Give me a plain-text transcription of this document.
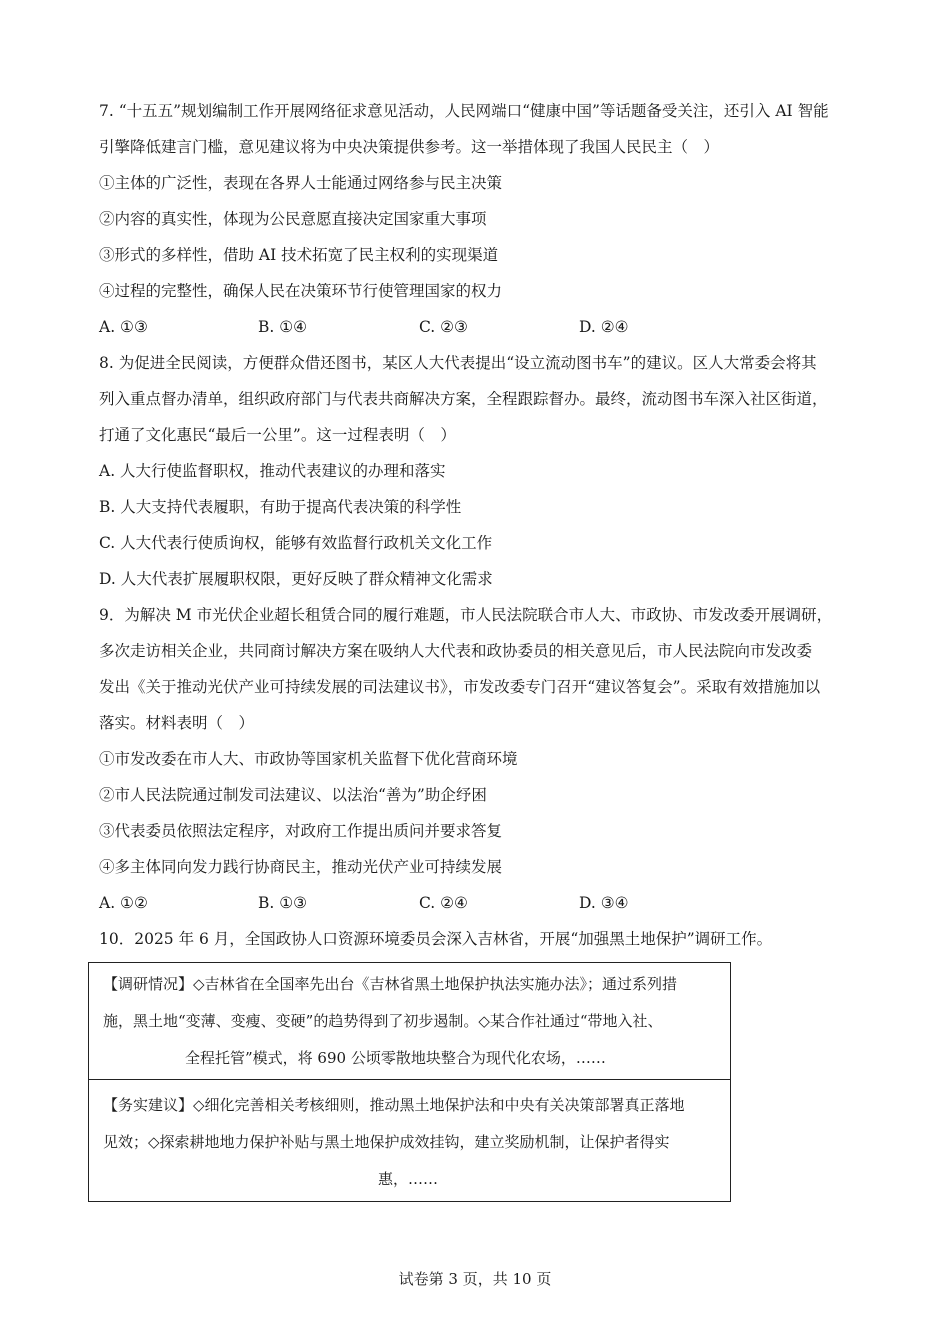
7. “十五五”规划编制工作开展网络征求意见活动，人民网端口“健康中国”等话题备受关注，还引入 AI 智能
引擎降低建言门槛，意见建议将为中央决策提供参考。这一举措体现了我国人民民主（　）
①主体的广泛性，表现在各界人士能通过网络参与民主决策
②内容的真实性，体现为公民意愿直接决定国家重大事项
③形式的多样性，借助 AI 技术拓宽了民主权利的实现渠道
④过程的完整性，确保人民在决策环节行使管理国家的权力
A. ①③	B. ①④	C. ②③	D. ②④
8. 为促进全民阅读，方便群众借还图书，某区人大代表提出“设立流动图书车”的建议。区人大常委会将其
列入重点督办清单，组织政府部门与代表共商解决方案，全程跟踪督办。最终，流动图书车深入社区街道，
打通了文化惠民“最后一公里”。这一过程表明（　）
A. 人大行使监督职权，推动代表建议的办理和落实
B. 人大支持代表履职，有助于提高代表决策的科学性
C. 人大代表行使质询权，能够有效监督行政机关文化工作
D. 人大代表扩展履职权限，更好反映了群众精神文化需求
9．为解决 M 市光伏企业超长租赁合同的履行难题，市人民法院联合市人大、市政协、市发改委开展调研，
多次走访相关企业，共同商讨解决方案在吸纳人大代表和政协委员的相关意见后，市人民法院向市发改委
发出《关于推动光伏产业可持续发展的司法建议书》，市发改委专门召开“建议答复会”。采取有效措施加以
落实。材料表明（　）
①市发改委在市人大、市政协等国家机关监督下优化营商环境
②市人民法院通过制发司法建议、以法治“善为”助企纾困
③代表委员依照法定程序，对政府工作提出质问并要求答复
④多主体同向发力践行协商民主，推动光伏产业可持续发展
A. ①②	B. ①③	C. ②④	D. ③④
10．2025 年 6 月，全国政协人口资源环境委员会深入吉林省，开展“加强黑土地保护”调研工作。
【调研情况】◇吉林省在全国率先出台《吉林省黑土地保护执法实施办法》；通过系列措
施，黑土地“变薄、变瘦、变硬”的趋势得到了初步遏制。◇某合作社通过“带地入社、
全程托管”模式，将 690 公顷零散地块整合为现代化农场，……
【务实建议】◇细化完善相关考核细则，推动黑土地保护法和中央有关决策部署真正落地
见效；◇探索耕地地力保护补贴与黑土地保护成效挂钩，建立奖励机制，让保护者得实
惠，……
试卷第 3 页，共 10 页
